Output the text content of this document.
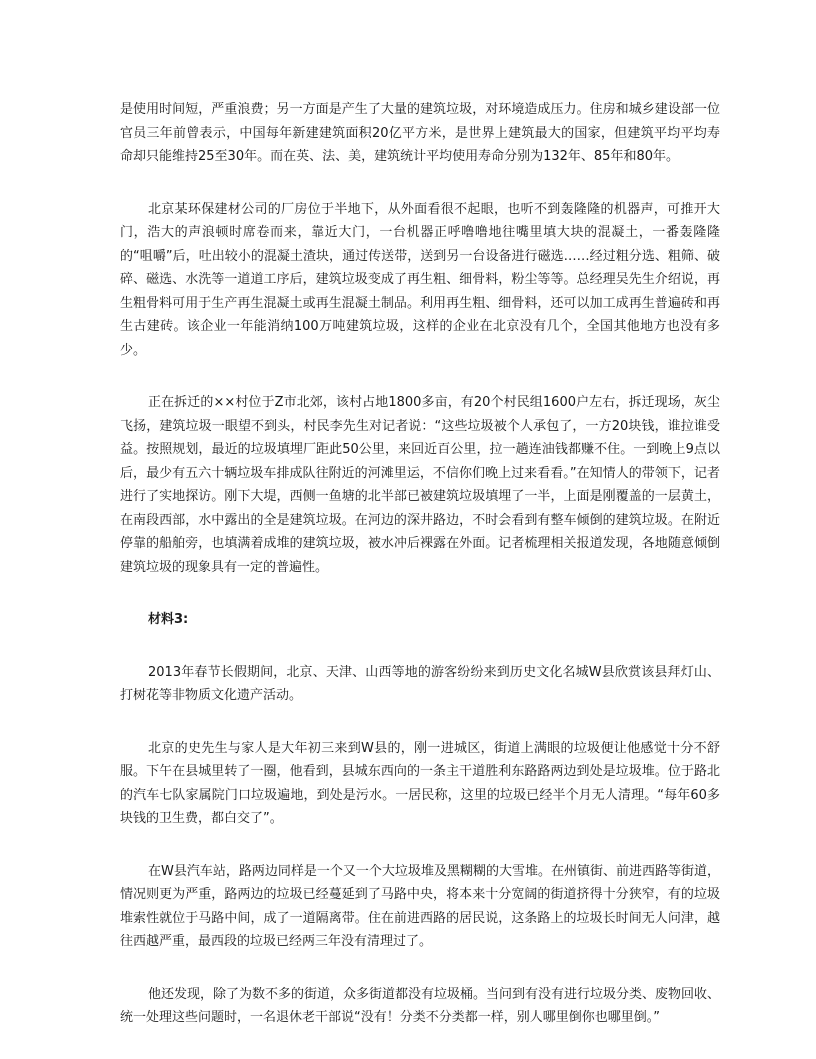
是使用时间短，严重浪费；另一方面是产生了大量的建筑垃圾，对环境造成压力。住房和城乡建设部一位官员三年前曾表示，中国每年新建建筑面积20亿平方米，是世界上建筑最大的国家，但建筑平均平均寿命却只能维持25至30年。而在英、法、美，建筑统计平均使用寿命分别为132年、85年和80年。

北京某环保建材公司的厂房位于半地下，从外面看很不起眼，也听不到轰隆隆的机器声，可推开大门，浩大的声浪顿时席卷而来，靠近大门，一台机器正呼噜噜地往嘴里填大块的混凝土，一番轰隆隆的“咀嚼”后，吐出较小的混凝土渣块，通过传送带，送到另一台设备进行磁选……经过粗分选、粗筛、破碎、磁选、水洗等一道道工序后，建筑垃圾变成了再生粗、细骨料，粉尘等等。总经理吴先生介绍说，再生粗骨料可用于生产再生混凝土或再生混凝土制品。利用再生粗、细骨料，还可以加工成再生普遍砖和再生古建砖。该企业一年能消纳100万吨建筑垃圾，这样的企业在北京没有几个，全国其他地方也没有多少。

正在拆迁的××村位于Z市北郊，该村占地1800多亩，有20个村民组1600户左右，拆迁现场，灰尘飞扬，建筑垃圾一眼望不到头，村民李先生对记者说：“这些垃圾被个人承包了，一方20块钱，谁拉谁受益。按照规划，最近的垃圾填埋厂距此50公里，来回近百公里，拉一趟连油钱都赚不住。一到晚上9点以后，最少有五六十辆垃圾车排成队往附近的河滩里运，不信你们晚上过来看看。”在知情人的带领下，记者进行了实地探访。刚下大堤，西侧一鱼塘的北半部已被建筑垃圾填埋了一半，上面是刚覆盖的一层黄土，在南段西部，水中露出的全是建筑垃圾。在河边的深井路边，不时会看到有整车倾倒的建筑垃圾。在附近停靠的船舶旁，也填满着成堆的建筑垃圾，被水冲后裸露在外面。记者梳理相关报道发现，各地随意倾倒建筑垃圾的现象具有一定的普遍性。

材料3:

2013年春节长假期间，北京、天津、山西等地的游客纷纷来到历史文化名城W县欣赏该县拜灯山、打树花等非物质文化遗产活动。

北京的史先生与家人是大年初三来到W县的，刚一进城区，街道上满眼的垃圾便让他感觉十分不舒服。下午在县城里转了一圈，他看到，县城东西向的一条主干道胜利东路路两边到处是垃圾堆。位于路北的汽车七队家属院门口垃圾遍地，到处是污水。一居民称，这里的垃圾已经半个月无人清理。“每年60多块钱的卫生费，都白交了”。

在W县汽车站，路两边同样是一个又一个大垃圾堆及黑糊糊的大雪堆。在州镇街、前进西路等街道，情况则更为严重，路两边的垃圾已经蔓延到了马路中央，将本来十分宽阔的街道挤得十分狭窄，有的垃圾堆索性就位于马路中间，成了一道隔离带。住在前进西路的居民说，这条路上的垃圾长时间无人问津，越往西越严重，最西段的垃圾已经两三年没有清理过了。

他还发现，除了为数不多的街道，众多街道都没有垃圾桶。当问到有没有进行垃圾分类、废物回收、统一处理这些问题时，一名退休老干部说“没有！分类不分类都一样，别人哪里倒你也哪里倒。”
